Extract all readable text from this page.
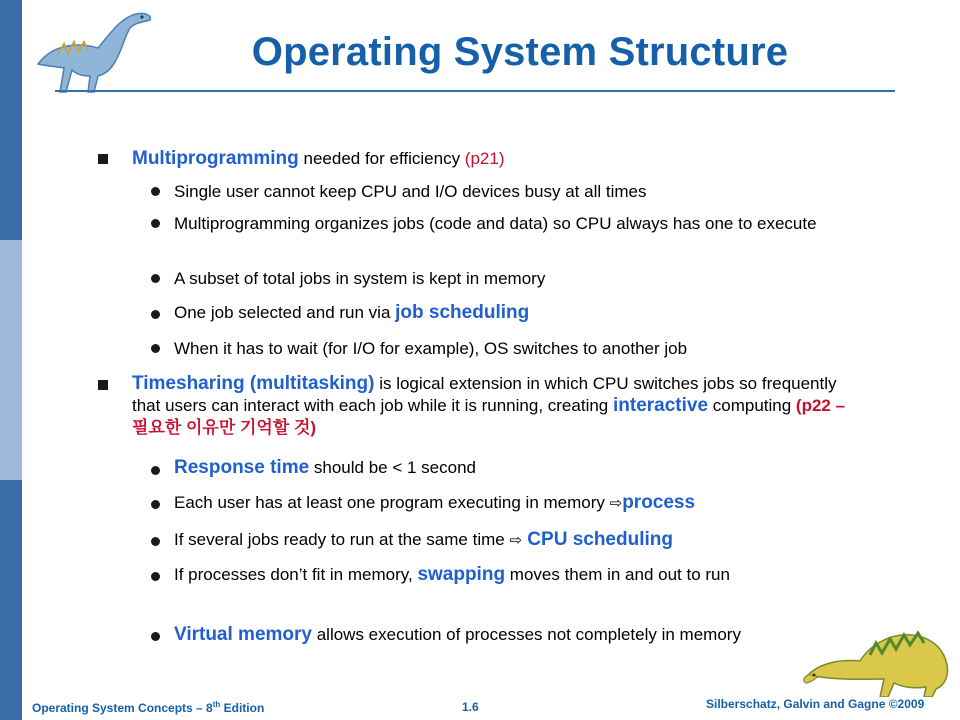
Operating System Structure
Multiprogramming needed for efficiency (p21)
Single user cannot keep CPU and I/O devices busy at all times
Multiprogramming organizes jobs (code and data) so CPU always has one to execute
A subset of total jobs in system is kept in memory
One job selected and run via job scheduling
When it has to wait (for I/O for example), OS switches to another job
Timesharing (multitasking) is logical extension in which CPU switches jobs so frequently that users can interact with each job while it is running, creating interactive computing (p22 – 필요한 이유만 기억할 것)
Response time should be < 1 second
Each user has at least one program executing in memory ⇨process
If several jobs ready to run at the same time ⇨ CPU scheduling
If processes don’t fit in memory, swapping moves them in and out to run
Virtual memory allows execution of processes not completely in memory
Operating System Concepts – 8th Edition	1.6	Silberschatz, Galvin and Gagne ©2009
